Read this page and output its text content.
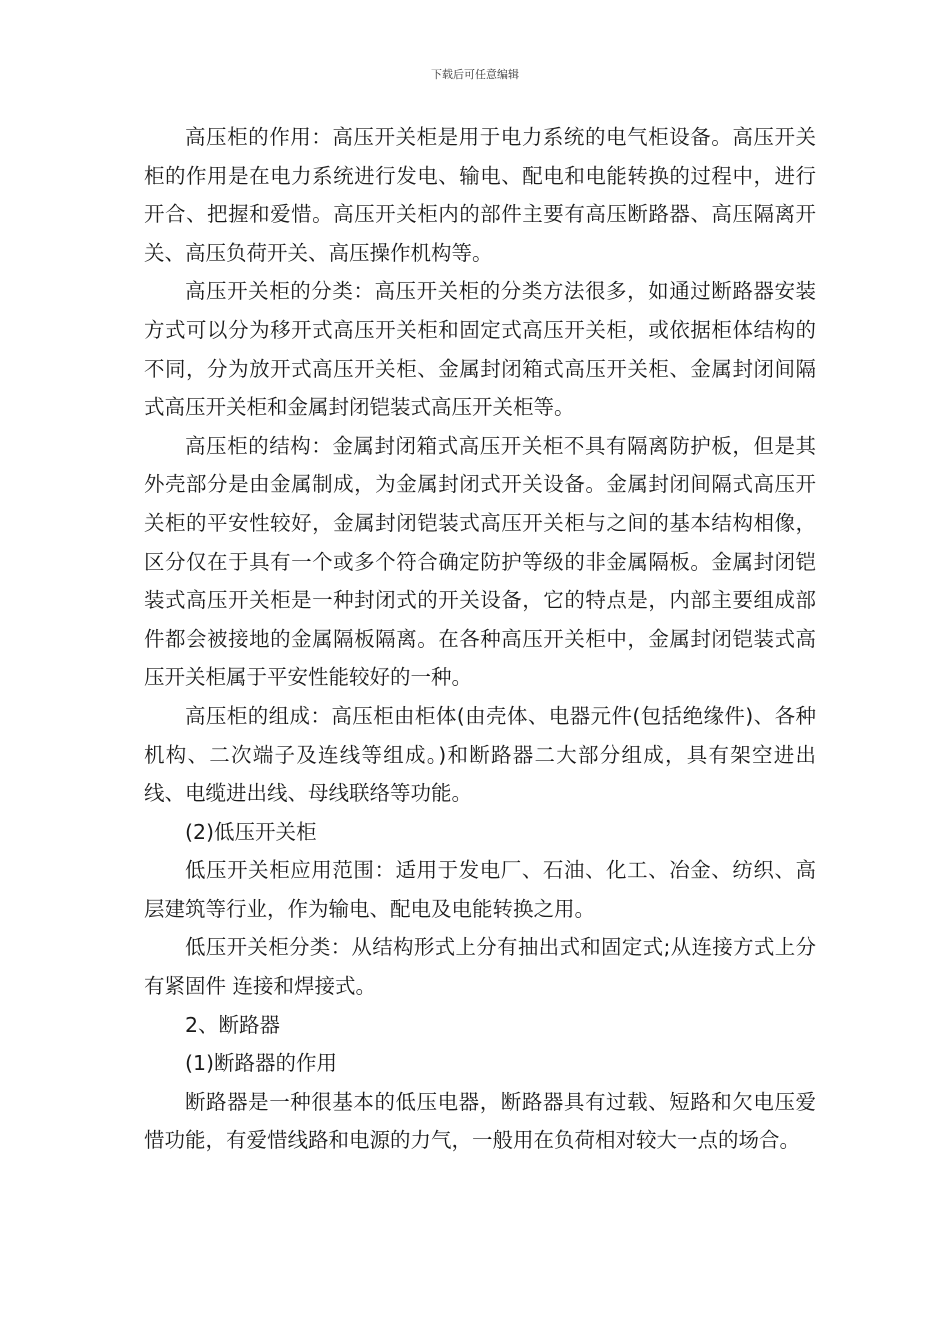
下载后可任意编辑

高压柜的作用：高压开关柜是用于电力系统的电气柜设备。高压开关柜的作用是在电力系统进行发电、输电、配电和电能转换的过程中，进行开合、把握和爱惜。高压开关柜内的部件主要有高压断路器、高压隔离开关、高压负荷开关、高压操作机构等。

高压开关柜的分类：高压开关柜的分类方法很多，如通过断路器安装方式可以分为移开式高压开关柜和固定式高压开关柜，或依据柜体结构的不同，分为放开式高压开关柜、金属封闭箱式高压开关柜、金属封闭间隔式高压开关柜和金属封闭铠装式高压开关柜等。

高压柜的结构：金属封闭箱式高压开关柜不具有隔离防护板，但是其外壳部分是由金属制成，为金属封闭式开关设备。金属封闭间隔式高压开关柜的平安性较好，金属封闭铠装式高压开关柜与之间的基本结构相像，区分仅在于具有一个或多个符合确定防护等级的非金属隔板。金属封闭铠装式高压开关柜是一种封闭式的开关设备，它的特点是，内部主要组成部件都会被接地的金属隔板隔离。在各种高压开关柜中，金属封闭铠装式高压开关柜属于平安性能较好的一种。

高压柜的组成：高压柜由柜体(由壳体、电器元件(包括绝缘件)、各种机构、二次端子及连线等组成。)和断路器二大部分组成，具有架空进出线、电缆进出线、母线联络等功能。

(2)低压开关柜

低压开关柜应用范围：适用于发电厂、石油、化工、冶金、纺织、高层建筑等行业，作为输电、配电及电能转换之用。

低压开关柜分类：从结构形式上分有抽出式和固定式;从连接方式上分有紧固件 连接和焊接式。

2、断路器

(1)断路器的作用

断路器是一种很基本的低压电器，断路器具有过载、短路和欠电压爱惜功能，有爱惜线路和电源的力气，一般用在负荷相对较大一点的场合。
